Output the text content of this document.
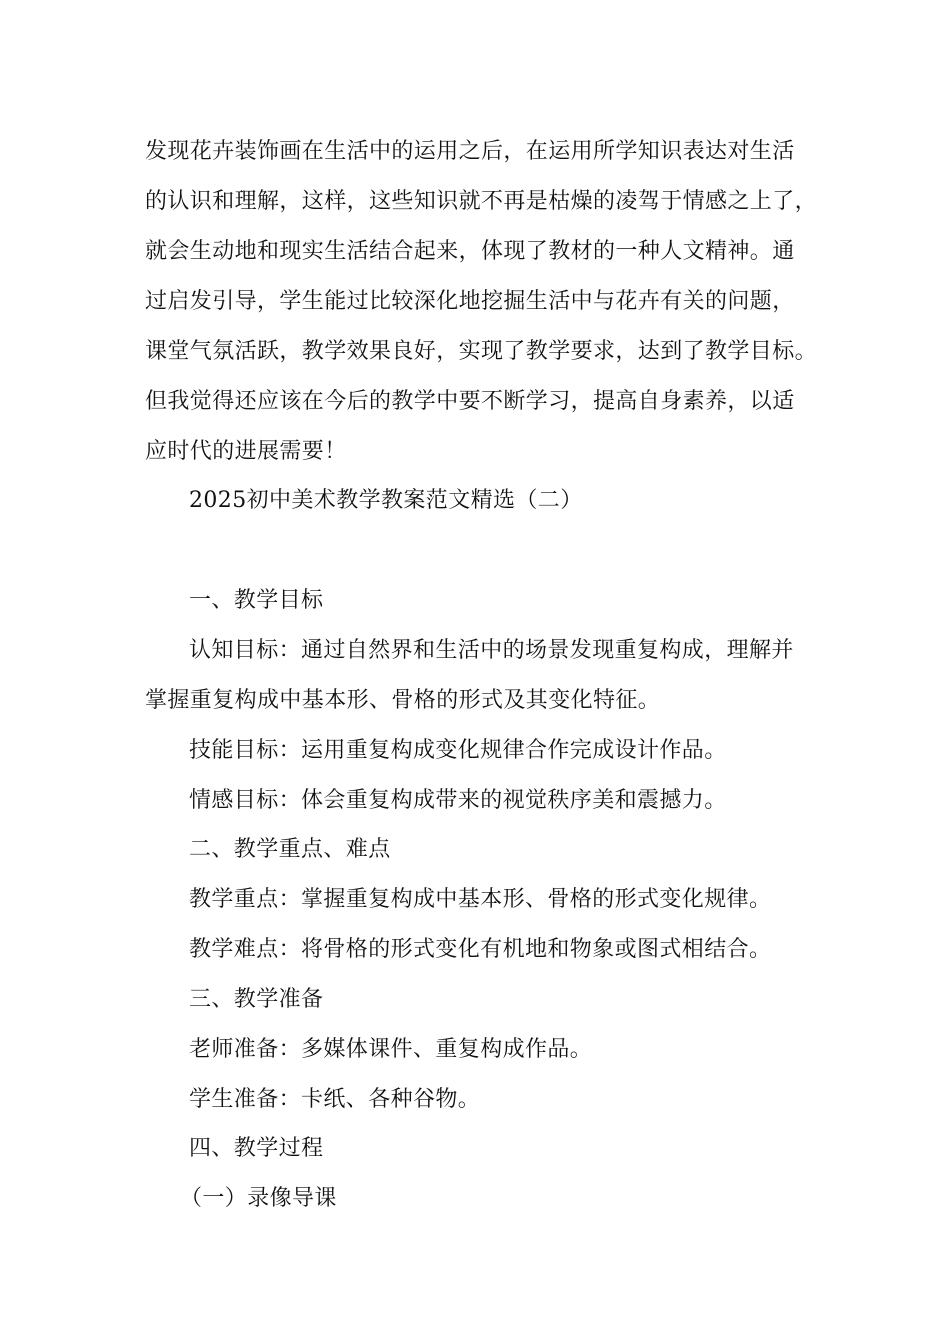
发现花卉装饰画在生活中的运用之后，在运用所学知识表达对生活
的认识和理解，这样，这些知识就不再是枯燥的凌驾于情感之上了，
就会生动地和现实生活结合起来，体现了教材的一种人文精神。通
过启发引导，学生能过比较深化地挖掘生活中与花卉有关的问题，
课堂气氛活跃，教学效果良好，实现了教学要求，达到了教学目标。
但我觉得还应该在今后的教学中要不断学习，提高自身素养，以适
应时代的进展需要！
2025初中美术教学教案范文精选（二）
一、教学目标
认知目标：通过自然界和生活中的场景发现重复构成，理解并
掌握重复构成中基本形、骨格的形式及其变化特征。
技能目标：运用重复构成变化规律合作完成设计作品。
情感目标：体会重复构成带来的视觉秩序美和震撼力。
二、教学重点、难点
教学重点：掌握重复构成中基本形、骨格的形式变化规律。
教学难点：将骨格的形式变化有机地和物象或图式相结合。
三、教学准备
老师准备：多媒体课件、重复构成作品。
学生准备：卡纸、各种谷物。
四、教学过程
（一）录像导课
